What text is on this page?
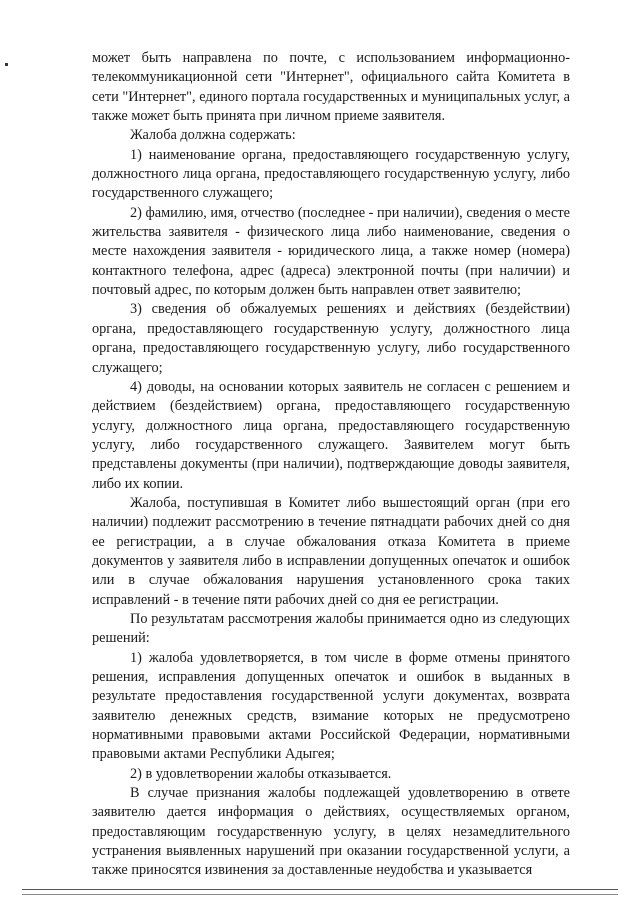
может быть направлена по почте, с использованием информационно-телекоммуникационной сети "Интернет", официального сайта Комитета в сети "Интернет", единого портала государственных и муниципальных услуг, а также может быть принята при личном приеме заявителя.

Жалоба должна содержать:

1) наименование органа, предоставляющего государственную услугу, должностного лица органа, предоставляющего государственную услугу, либо государственного служащего;

2) фамилию, имя, отчество (последнее - при наличии), сведения о месте жительства заявителя - физического лица либо наименование, сведения о месте нахождения заявителя - юридического лица, а также номер (номера) контактного телефона, адрес (адреса) электронной почты (при наличии) и почтовый адрес, по которым должен быть направлен ответ заявителю;

3) сведения об обжалуемых решениях и действиях (бездействии) органа, предоставляющего государственную услугу, должностного лица органа, предоставляющего государственную услугу, либо государственного служащего;

4) доводы, на основании которых заявитель не согласен с решением и действием (бездействием) органа, предоставляющего государственную услугу, должностного лица органа, предоставляющего государственную услугу, либо государственного служащего. Заявителем могут быть представлены документы (при наличии), подтверждающие доводы заявителя, либо их копии.

Жалоба, поступившая в Комитет либо вышестоящий орган (при его наличии) подлежит рассмотрению в течение пятнадцати рабочих дней со дня ее регистрации, а в случае обжалования отказа Комитета в приеме документов у заявителя либо в исправлении допущенных опечаток и ошибок или в случае обжалования нарушения установленного срока таких исправлений - в течение пяти рабочих дней со дня ее регистрации.

По результатам рассмотрения жалобы принимается одно из следующих решений:

1) жалоба удовлетворяется, в том числе в форме отмены принятого решения, исправления допущенных опечаток и ошибок в выданных в результате предоставления государственной услуги документах, возврата заявителю денежных средств, взимание которых не предусмотрено нормативными правовыми актами Российской Федерации, нормативными правовыми актами Республики Адыгея;

2) в удовлетворении жалобы отказывается.

В случае признания жалобы подлежащей удовлетворению в ответе заявителю дается информация о действиях, осуществляемых органом, предоставляющим государственную услугу, в целях незамедлительного устранения выявленных нарушений при оказании государственной услуги, а также приносятся извинения за доставленные неудобства и указывается
